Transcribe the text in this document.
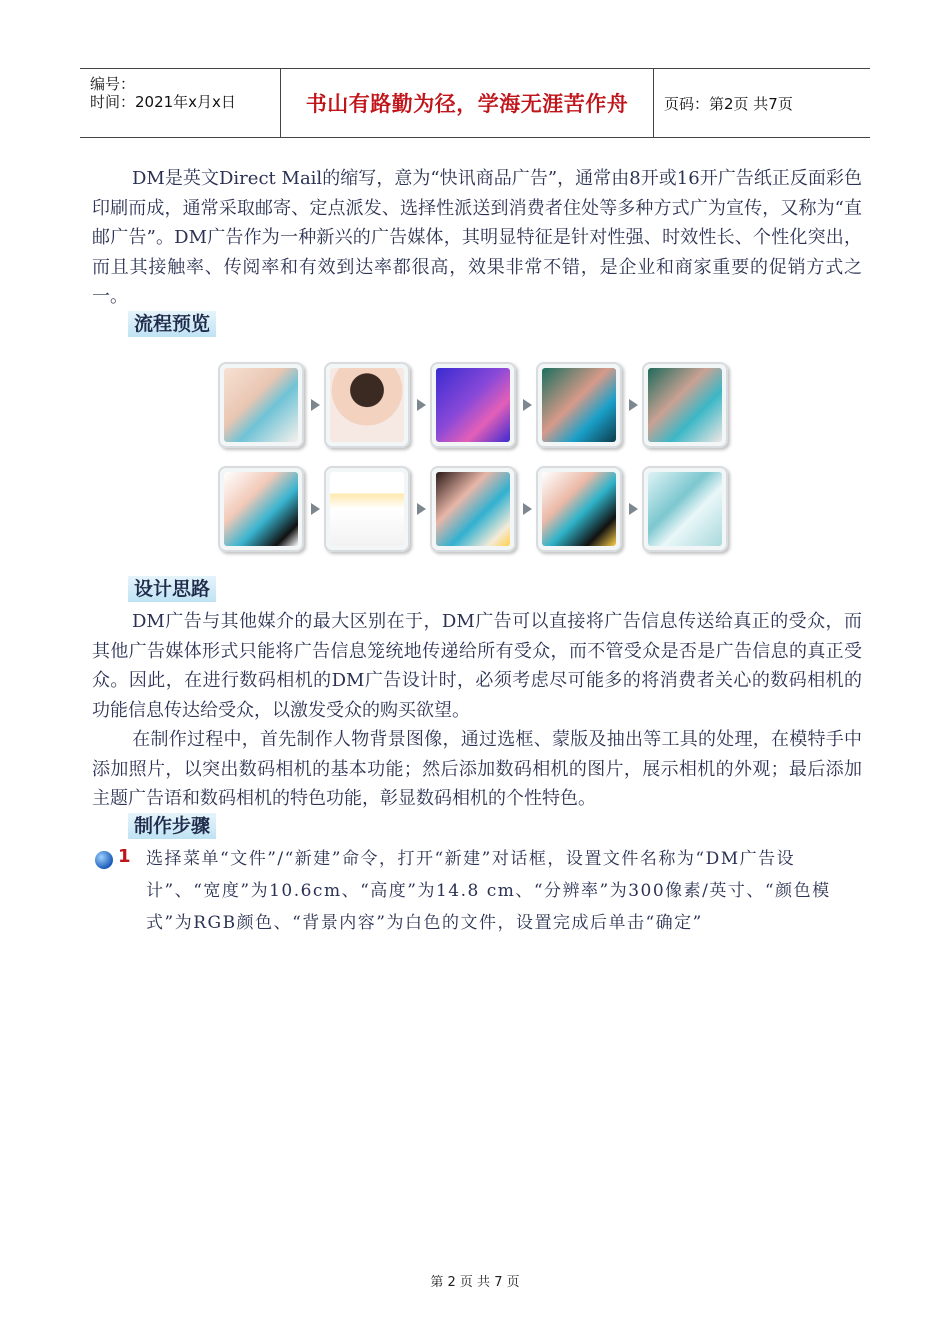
编号：
时间：2021年x月x日	书山有路勤为径，学海无涯苦作舟	页码：第2页 共7页
DM是英文Direct Mail的缩写，意为“快讯商品广告”，通常由8开或16开广告纸正反面彩色印刷而成，通常采取邮寄、定点派发、选择性派送到消费者住处等多种方式广为宣传，又称为“直邮广告”。DM广告作为一种新兴的广告媒体，其明显特征是针对性强、时效性长、个性化突出，而且其接触率、传阅率和有效到达率都很高，效果非常不错，是企业和商家重要的促销方式之一。
流程预览
设计思路
DM广告与其他媒介的最大区别在于，DM广告可以直接将广告信息传送给真正的受众，而其他广告媒体形式只能将广告信息笼统地传递给所有受众，而不管受众是否是广告信息的真正受众。因此，在进行数码相机的DM广告设计时，必须考虑尽可能多的将消费者关心的数码相机的功能信息传达给受众，以激发受众的购买欲望。
在制作过程中，首先制作人物背景图像，通过选框、蒙版及抽出等工具的处理，在模特手中添加照片，以突出数码相机的基本功能；然后添加数码相机的图片，展示相机的外观；最后添加主题广告语和数码相机的特色功能，彰显数码相机的个性特色。
制作步骤
1 选择菜单“文件”/“新建”命令，打开“新建”对话框，设置文件名称为“DM广告设计”、“宽度”为10.6cm、“高度”为14.8 cm、“分辨率”为300像素/英寸、“颜色模式”为RGB颜色、“背景内容”为白色的文件，设置完成后单击“确定”
第 2 页 共 7 页
